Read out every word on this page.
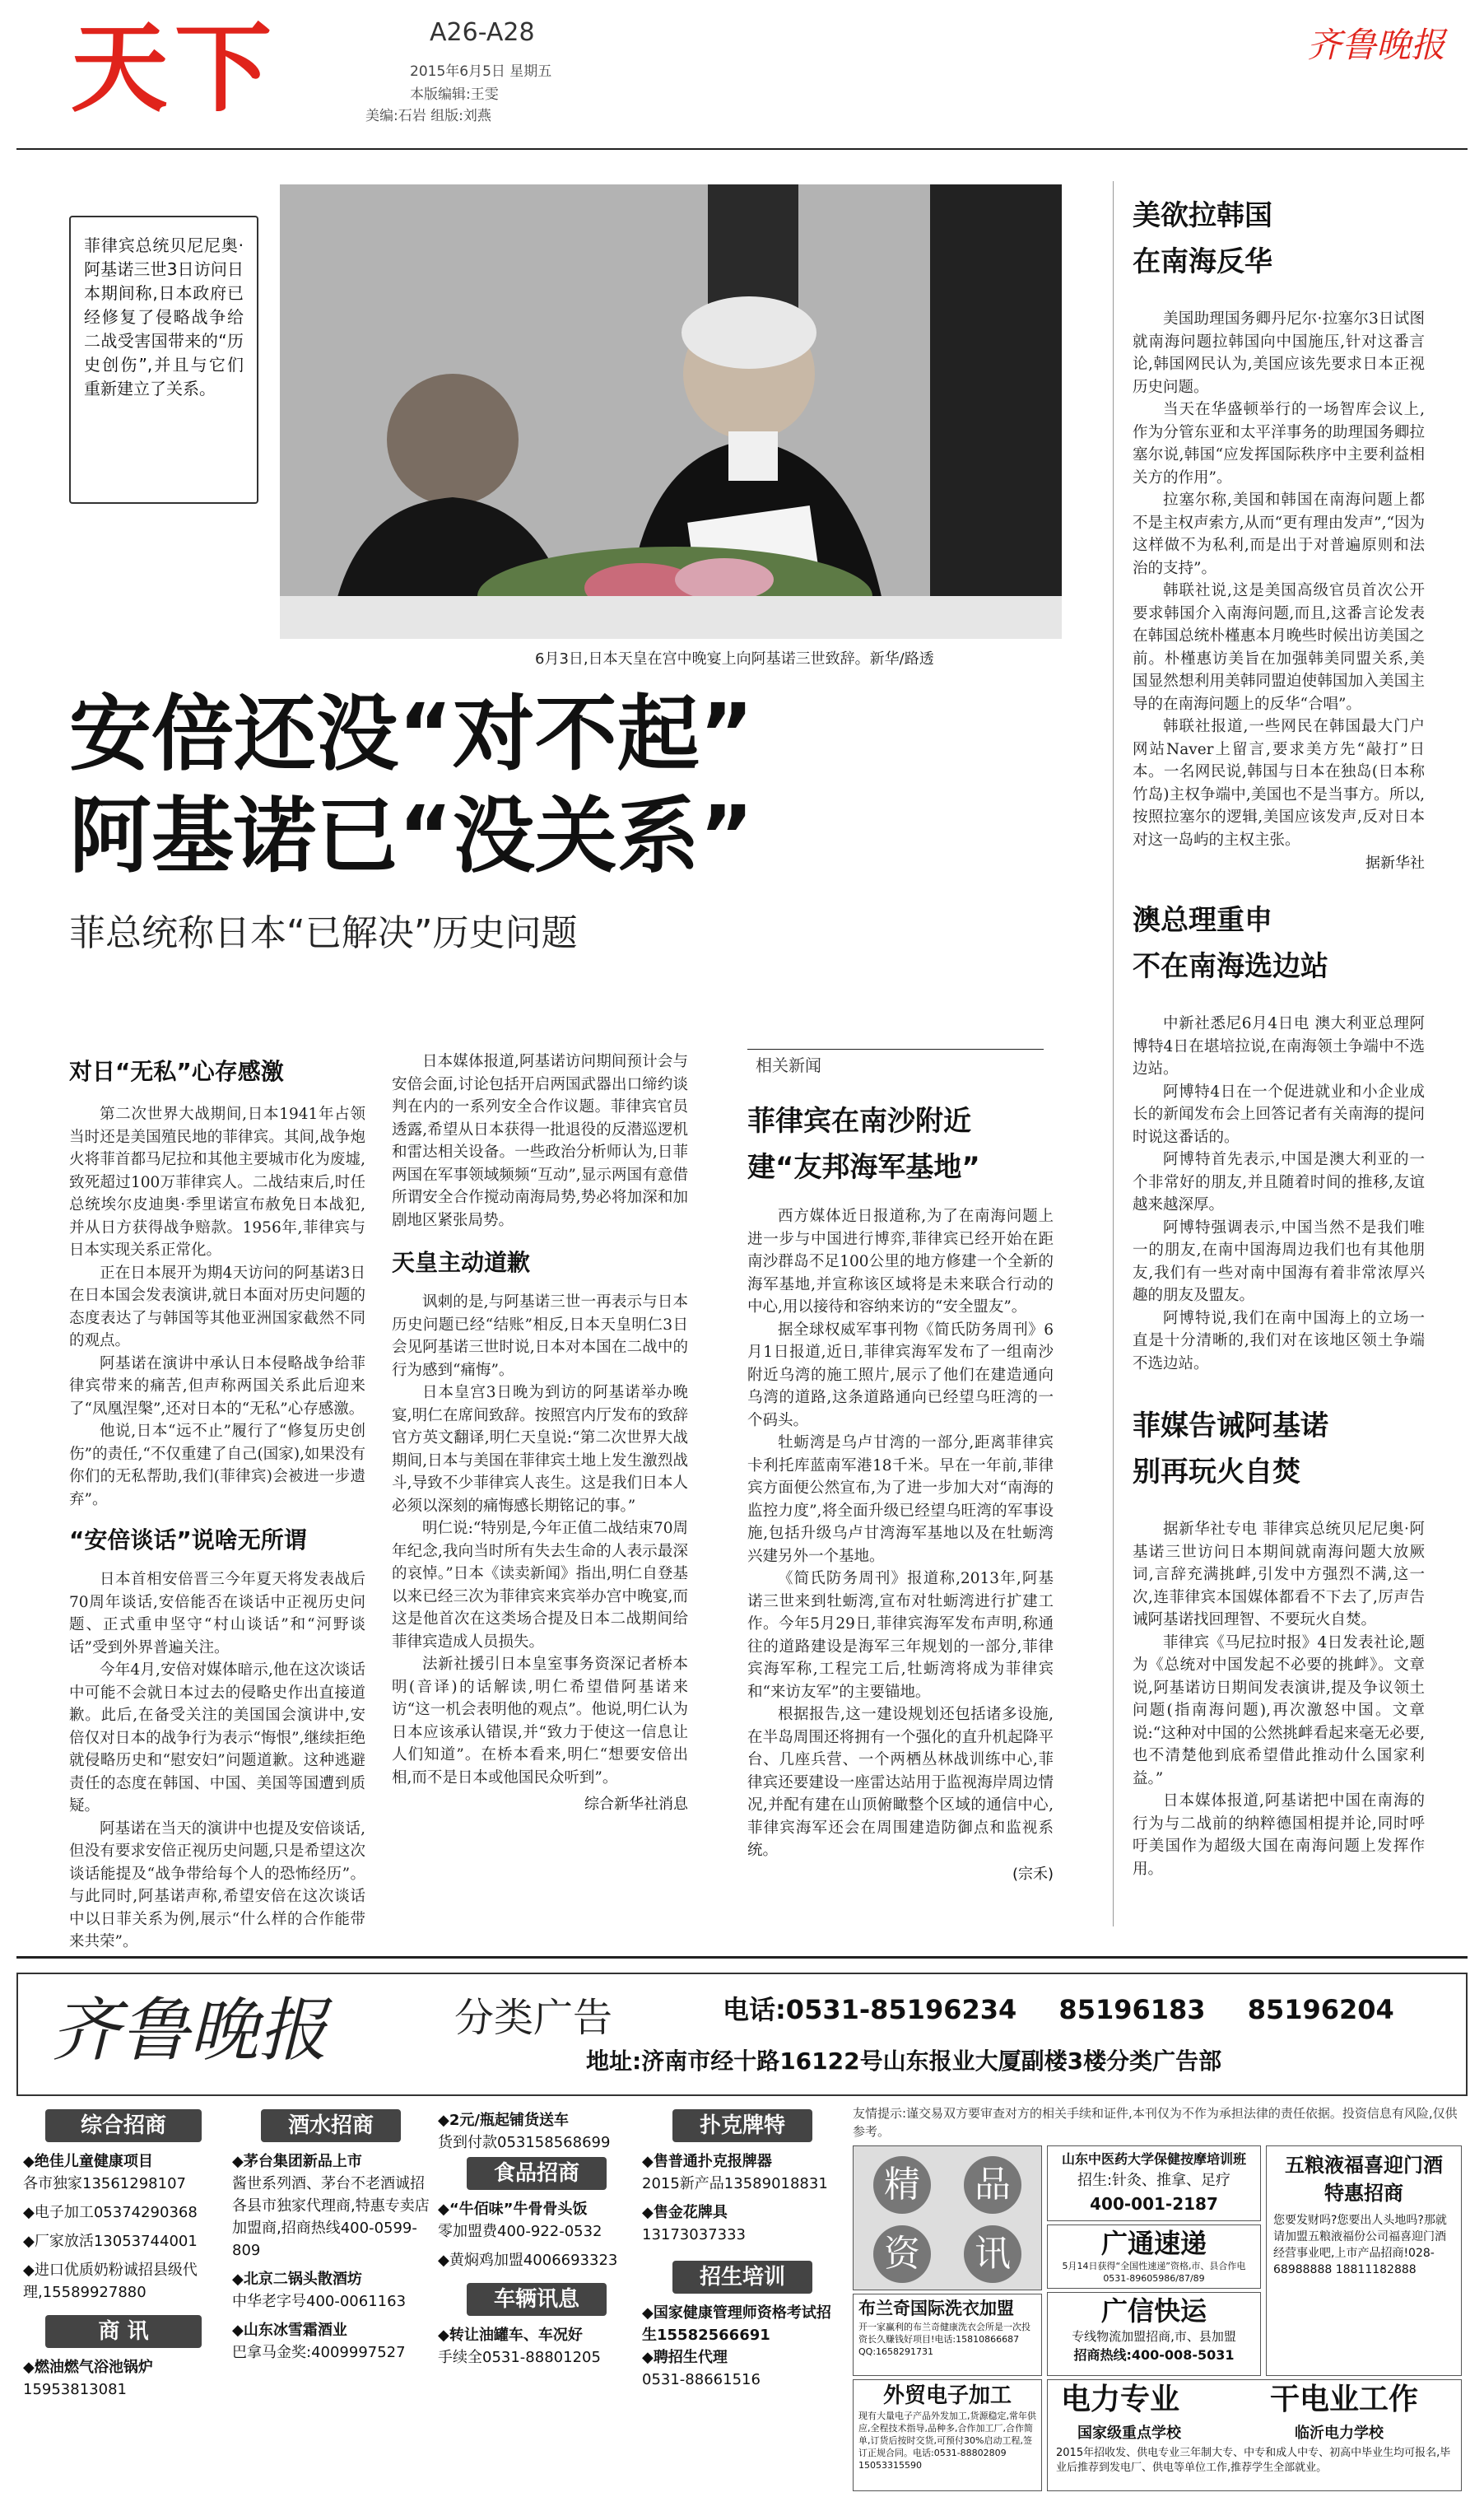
天下	A26-A28
2015年6月5日 星期五
本版编辑:王雯
美编:石岩 组版:刘燕
齐鲁晚报
菲律宾总统贝尼尼奥·阿基诺三世3日访问日本期间称,日本政府已经修复了侵略战争给二战受害国带来的“历史创伤”,并且与它们重新建立了关系。
6月3日,日本天皇在宫中晚宴上向阿基诺三世致辞。新华/路透
安倍还没“对不起”
阿基诺已“没关系”
菲总统称日本“已解决”历史问题
对日“无私”心存感激

第二次世界大战期间,日本1941年占领当时还是美国殖民地的菲律宾。其间,战争炮火将菲首都马尼拉和其他主要城市化为废墟,致死超过100万菲律宾人。二战结束后,时任总统埃尔皮迪奥·季里诺宣布赦免日本战犯,并从日方获得战争赔款。1956年,菲律宾与日本实现关系正常化。

正在日本展开为期4天访问的阿基诺3日在日本国会发表演讲,就日本面对历史问题的态度表达了与韩国等其他亚洲国家截然不同的观点。

阿基诺在演讲中承认日本侵略战争给菲律宾带来的痛苦,但声称两国关系此后迎来了“凤凰涅槃”,还对日本的“无私”心存感激。

他说,日本“远不止”履行了“修复历史创伤”的责任,“不仅重建了自己(国家),如果没有你们的无私帮助,我们(菲律宾)会被进一步遗弃”。

“安倍谈话”说啥无所谓

日本首相安倍晋三今年夏天将发表战后70周年谈话,安倍能否在谈话中正视历史问题、正式重申坚守“村山谈话”和“河野谈话”受到外界普遍关注。

今年4月,安倍对媒体暗示,他在这次谈话中可能不会就日本过去的侵略史作出直接道歉。此后,在备受关注的美国国会演讲中,安倍仅对日本的战争行为表示“悔恨”,继续拒绝就侵略历史和“慰安妇”问题道歉。这种逃避责任的态度在韩国、中国、美国等国遭到质疑。

阿基诺在当天的演讲中也提及安倍谈话,但没有要求安倍正视历史问题,只是希望这次谈话能提及“战争带给每个人的恐怖经历”。与此同时,阿基诺声称,希望安倍在这次谈话中以日菲关系为例,展示“什么样的合作能带来共荣”。

日本媒体报道,阿基诺访问期间预计会与安倍会面,讨论包括开启两国武器出口缔约谈判在内的一系列安全合作议题。菲律宾官员透露,希望从日本获得一批退役的反潜巡逻机和雷达相关设备。一些政治分析师认为,日菲两国在军事领域频频“互动”,显示两国有意借所谓安全合作搅动南海局势,势必将加深和加剧地区紧张局势。

天皇主动道歉

讽刺的是,与阿基诺三世一再表示与日本历史问题已经“结账”相反,日本天皇明仁3日会见阿基诺三世时说,日本对本国在二战中的行为感到“痛悔”。

日本皇宫3日晚为到访的阿基诺举办晚宴,明仁在席间致辞。按照宫内厅发布的致辞官方英文翻译,明仁天皇说:“第二次世界大战期间,日本与美国在菲律宾土地上发生激烈战斗,导致不少菲律宾人丧生。这是我们日本人必须以深刻的痛悔感长期铭记的事。”

明仁说:“特别是,今年正值二战结束70周年纪念,我向当时所有失去生命的人表示最深的哀悼。”日本《读卖新闻》指出,明仁自登基以来已经三次为菲律宾来宾举办宫中晚宴,而这是他首次在这类场合提及日本二战期间给菲律宾造成人员损失。

法新社援引日本皇室事务资深记者桥本明(音译)的话解读,明仁希望借阿基诺来访“这一机会表明他的观点”。他说,明仁认为日本应该承认错误,并“致力于使这一信息让人们知道”。在桥本看来,明仁“想要安倍出相,而不是日本或他国民众听到”。

综合新华社消息
相关新闻
菲律宾在南沙附近
建“友邦海军基地”

西方媒体近日报道称,为了在南海问题上进一步与中国进行博弈,菲律宾已经开始在距南沙群岛不足100公里的地方修建一个全新的海军基地,并宣称该区域将是未来联合行动的中心,用以接待和容纳来访的“安全盟友”。

据全球权威军事刊物《简氏防务周刊》6月1日报道,近日,菲律宾海军发布了一组南沙附近乌湾的施工照片,展示了他们在建造通向乌湾的道路,这条道路通向已经望乌旺湾的一个码头。

牡蛎湾是乌卢甘湾的一部分,距离菲律宾卡利托库蓝南军港18千米。早在一年前,菲律宾方面便公然宣布,为了进一步加大对“南海的监控力度”,将全面升级已经望乌旺湾的军事设施,包括升级乌卢甘湾海军基地以及在牡蛎湾兴建另外一个基地。

《简氏防务周刊》报道称,2013年,阿基诺三世来到牡蛎湾,宣布对牡蛎湾进行扩建工作。今年5月29日,菲律宾海军发布声明,称通往的道路建设是海军三年规划的一部分,菲律宾海军称,工程完工后,牡蛎湾将成为菲律宾和“来访友军”的主要锚地。

根据报告,这一建设规划还包括诸多设施,在半岛周围还将拥有一个强化的直升机起降平台、几座兵营、一个两栖丛林战训练中心,菲律宾还要建设一座雷达站用于监视海岸周边情况,并配有建在山顶俯瞰整个区域的通信中心,菲律宾海军还会在周围建造防御点和监视系统。

(宗禾)
美欲拉韩国
在南海反华

美国助理国务卿丹尼尔·拉塞尔3日试图就南海问题拉韩国向中国施压,针对这番言论,韩国网民认为,美国应该先要求日本正视历史问题。

当天在华盛顿举行的一场智库会议上,作为分管东亚和太平洋事务的助理国务卿拉塞尔说,韩国“应发挥国际秩序中主要利益相关方的作用”。

拉塞尔称,美国和韩国在南海问题上都不是主权声索方,从而“更有理由发声”,“因为这样做不为私利,而是出于对普遍原则和法治的支持”。

韩联社说,这是美国高级官员首次公开要求韩国介入南海问题,而且,这番言论发表在韩国总统朴槿惠本月晚些时候出访美国之前。朴槿惠访美旨在加强韩美同盟关系,美国显然想利用美韩同盟迫使韩国加入美国主导的在南海问题上的反华“合唱”。

韩联社报道,一些网民在韩国最大门户网站Naver上留言,要求美方先“敲打”日本。一名网民说,韩国与日本在独岛(日本称竹岛)主权争端中,美国也不是当事方。所以,按照拉塞尔的逻辑,美国应该发声,反对日本对这一岛屿的主权主张。

据新华社
澳总理重申
不在南海选边站

中新社悉尼6月4日电 澳大利亚总理阿博特4日在堪培拉说,在南海领土争端中不选边站。

阿博特4日在一个促进就业和小企业成长的新闻发布会上回答记者有关南海的提问时说这番话的。

阿博特首先表示,中国是澳大利亚的一个非常好的朋友,并且随着时间的推移,友谊越来越深厚。

阿博特强调表示,中国当然不是我们唯一的朋友,在南中国海周边我们也有其他朋友,我们有一些对南中国海有着非常浓厚兴趣的朋友及盟友。

阿博特说,我们在南中国海上的立场一直是十分清晰的,我们对在该地区领土争端不选边站。

菲媒告诫阿基诺
别再玩火自焚

据新华社专电 菲律宾总统贝尼尼奥·阿基诺三世访问日本期间就南海问题大放厥词,言辞充满挑衅,引发中方强烈不满,这一次,连菲律宾本国媒体都看不下去了,厉声告诫阿基诺找回理智、不要玩火自焚。

菲律宾《马尼拉时报》4日发表社论,题为《总统对中国发起不必要的挑衅》。文章说,阿基诺访日期间发表演讲,提及争议领土问题(指南海问题),再次激怒中国。文章说:“这种对中国的公然挑衅看起来毫无必要,也不清楚他到底希望借此推动什么国家利益。”

日本媒体报道,阿基诺把中国在南海的行为与二战前的纳粹德国相提并论,同时呼吁美国作为超级大国在南海问题上发挥作用。

齐鲁晚报	分类广告	电话:0531-85196234 85196183 85196204
地址:济南市经十路16122号山东报业大厦副楼3楼分类广告部
综合招商
◆绝佳儿童健康项目
各市独家13561298107
◆电子加工05374290368
◆厂家放活13053744001
◆进口优质奶粉诚招县级代理,15589927880
商 讯
◆燃油燃气浴池锅炉
15953813081
酒水招商
◆茅台集团新品上市
酱世系列酒、茅台不老酒诚招各县市独家代理商,特惠专卖店加盟商,招商热线400-0599-809
◆北京二锅头散酒坊
中华老字号400-0061163
◆山东冰雪霜酒业
巴拿马金奖:4009997527
◆2元/瓶起铺货送车
货到付款053158568699
食品招商
◆“牛佰味”牛骨骨头饭
零加盟费400-922-0532
◆黄焖鸡加盟4006693323
车辆讯息
◆转让油罐车、车况好
手续全0531-88801205
扑克牌特
◆售普通扑克报牌器
2015新产品13589018831
◆售金花牌具
13173037333
招生培训
◆国家健康管理师资格考试招生15582566691
◆聘招生代理
0531-88661516
友情提示:谨交易双方要审查对方的相关手续和证件,本刊仅为不作为承担法律的责任依据。投资信息有风险,仅供参考。
精 品
资 讯
山东中医药大学保健按摩培训班
招生:针灸、推拿、足疗
400-001-2187
广通速递
5月14日获得“全国性速递”资格,市、县合作电0531-89605986/87/89
广信快运
专线物流加盟招商,市、县加盟
招商热线:400-008-5031
布兰奇国际洗衣加盟
开一家赢利的布兰奇健康洗衣会所是一次投资长久赚钱好项目!电话:15810866687 QQ:1658291731
外贸电子加工
现有大量电子产品外发加工,货源稳定,常年供应,全程技术指导,品种多,合作加工厂,合作简单,订货后按时交货,可预付30%启动工程,签订正规合同。电话:0531-88802809 15053315590
五粮液福喜迎门酒
特惠招商
您要发财吗?您要出人头地吗?那就请加盟五粮液福份公司福喜迎门酒经营事业吧,上市产品招商!028-68988888 18811182888
电力专业	干电业工作
国家级重点学校	临沂电力学校
2015年招收发、供电专业三年制大专、中专和成人中专、初高中毕业生均可报名,毕业后推荐到发电厂、供电等单位工作,推荐学生全部就业。
